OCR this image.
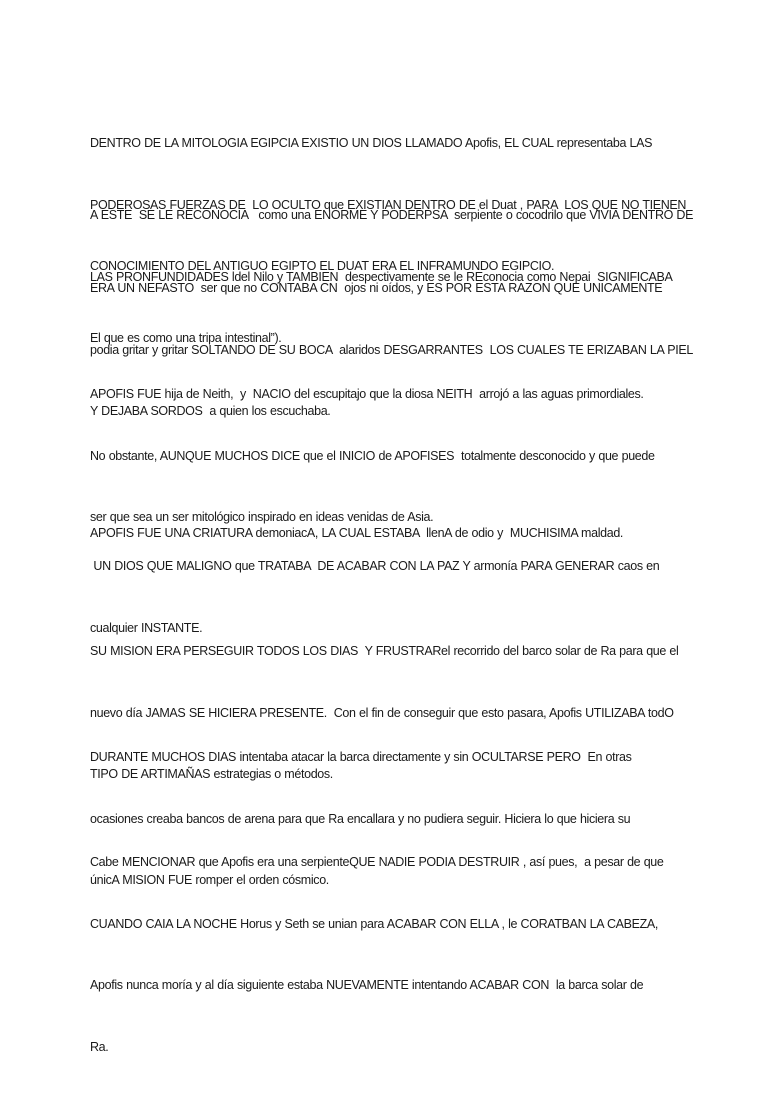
DENTRO DE LA MITOLOGIA EGIPCIA EXISTIO UN DIOS LLAMADO Apofis, EL CUAL representaba LAS

PODEROSAS FUERZAS DE  LO OCULTO que EXISTIAN DENTRO DE el Duat , PARA  LOS QUE NO TIENEN

CONOCIMIENTO DEL ANTIGUO EGIPTO EL DUAT ERA EL INFRAMUNDO EGIPCIO.

A ESTE  SE LE RECONOCIA   como una ENORME Y PODERPSA  serpiente o cocodrilo que VIVIA DENTRO DE

LAS PRONFUNDIDADES ldel Nilo y TAMBIEN  despectivamente se le REconocia como Nepai  SIGNIFICABA

El que es como una tripa intestinal”).

ERA UN NEFASTO  ser que no CONTABA CN  ojos ni oídos, y ES POR ESTA RAZON QUE UNICAMENTE

podia gritar y gritar SOLTANDO DE SU BOCA  alaridos DESGARRANTES  LOS CUALES TE ERIZABAN LA PIEL

Y DEJABA SORDOS  a quien los escuchaba.

APOFIS FUE hija de Neith,  y  NACIO del escupitajo que la diosa NEITH  arrojó a las aguas primordiales.

No obstante, AUNQUE MUCHOS DICE que el INICIO de APOFISES  totalmente desconocido y que puede

ser que sea un ser mitológico inspirado en ideas venidas de Asia.

APOFIS FUE UNA CRIATURA demoniacA, LA CUAL ESTABA  llenA de odio y  MUCHISIMA maldad.

UN DIOS QUE MALIGNO que TRATABA  DE ACABAR CON LA PAZ Y armonía PARA GENERAR caos en

cualquier INSTANTE.

SU MISION ERA PERSEGUIR TODOS LOS DIAS  Y FRUSTRARel recorrido del barco solar de Ra para que el

nuevo día JAMAS SE HICIERA PRESENTE.  Con el fin de conseguir que esto pasara, Apofis UTILIZABA todO

TIPO DE ARTIMAÑAS estrategias o métodos.

DURANTE MUCHOS DIAS intentaba atacar la barca directamente y sin OCULTARSE PERO  En otras

ocasiones creaba bancos de arena para que Ra encallara y no pudiera seguir. Hiciera lo que hiciera su

únicA MISION FUE romper el orden cósmico.

Cabe MENCIONAR que Apofis era una serpienteQUE NADIE PODIA DESTRUIR , así pues,  a pesar de que

CUANDO CAIA LA NOCHE Horus y Seth se unian para ACABAR CON ELLA , le CORATBAN LA CABEZA,

Apofis nunca moría y al día siguiente estaba NUEVAMENTE intentando ACABAR CON  la barca solar de

Ra.
